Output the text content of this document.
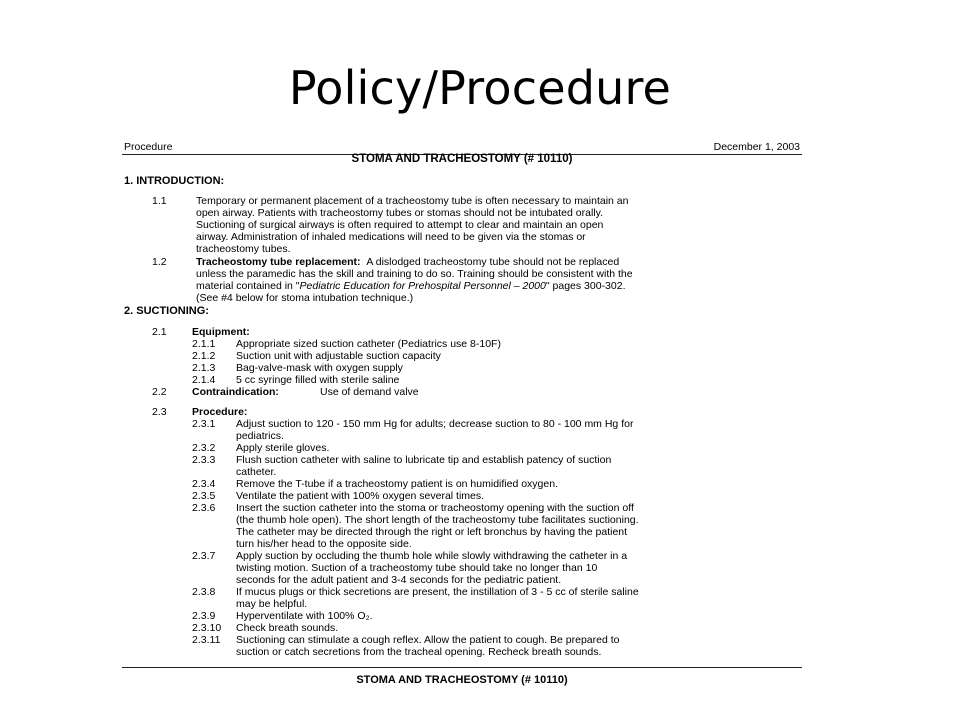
Policy/Procedure
Procedure	December 1, 2003
STOMA AND TRACHEOSTOMY (# 10110)
1. INTRODUCTION:
1.1	Temporary or permanent placement of a tracheostomy tube is often necessary to maintain an
open airway. Patients with tracheostomy tubes or stomas should not be intubated orally.
Suctioning of surgical airways is often required to attempt to clear and maintain an open
airway. Administration of inhaled medications will need to be given via the stomas or
tracheostomy tubes.
1.2	Tracheostomy tube replacement: A dislodged tracheostomy tube should not be replaced
unless the paramedic has the skill and training to do so. Training should be consistent with the
material contained in "Pediatric Education for Prehospital Personnel – 2000" pages 300-302.
(See #4 below for stoma intubation technique.)
2. SUCTIONING:
2.1 Equipment:
2.1.1 Appropriate sized suction catheter (Pediatrics use 8-10F)
2.1.2 Suction unit with adjustable suction capacity
2.1.3 Bag-valve-mask with oxygen supply
2.1.4 5 cc syringe filled with sterile saline
2.2 Contraindication:	Use of demand valve
2.3 Procedure:
2.3.1 Adjust suction to 120 - 150 mm Hg for adults; decrease suction to 80 - 100 mm Hg for
pediatrics.
2.3.2 Apply sterile gloves.
2.3.3 Flush suction catheter with saline to lubricate tip and establish patency of suction
catheter.
2.3.4 Remove the T-tube if a tracheostomy patient is on humidified oxygen.
2.3.5 Ventilate the patient with 100% oxygen several times.
2.3.6 Insert the suction catheter into the stoma or tracheostomy opening with the suction off
(the thumb hole open). The short length of the tracheostomy tube facilitates suctioning.
The catheter may be directed through the right or left bronchus by having the patient
turn his/her head to the opposite side.
2.3.7 Apply suction by occluding the thumb hole while slowly withdrawing the catheter in a
twisting motion. Suction of a tracheostomy tube should take no longer than 10
seconds for the adult patient and 3-4 seconds for the pediatric patient.
2.3.8 If mucus plugs or thick secretions are present, the instillation of 3 - 5 cc of sterile saline
may be helpful.
2.3.9 Hyperventilate with 100% O₂.
2.3.10 Check breath sounds.
2.3.11 Suctioning can stimulate a cough reflex. Allow the patient to cough. Be prepared to
suction or catch secretions from the tracheal opening. Recheck breath sounds.
STOMA AND TRACHEOSTOMY (# 10110)
